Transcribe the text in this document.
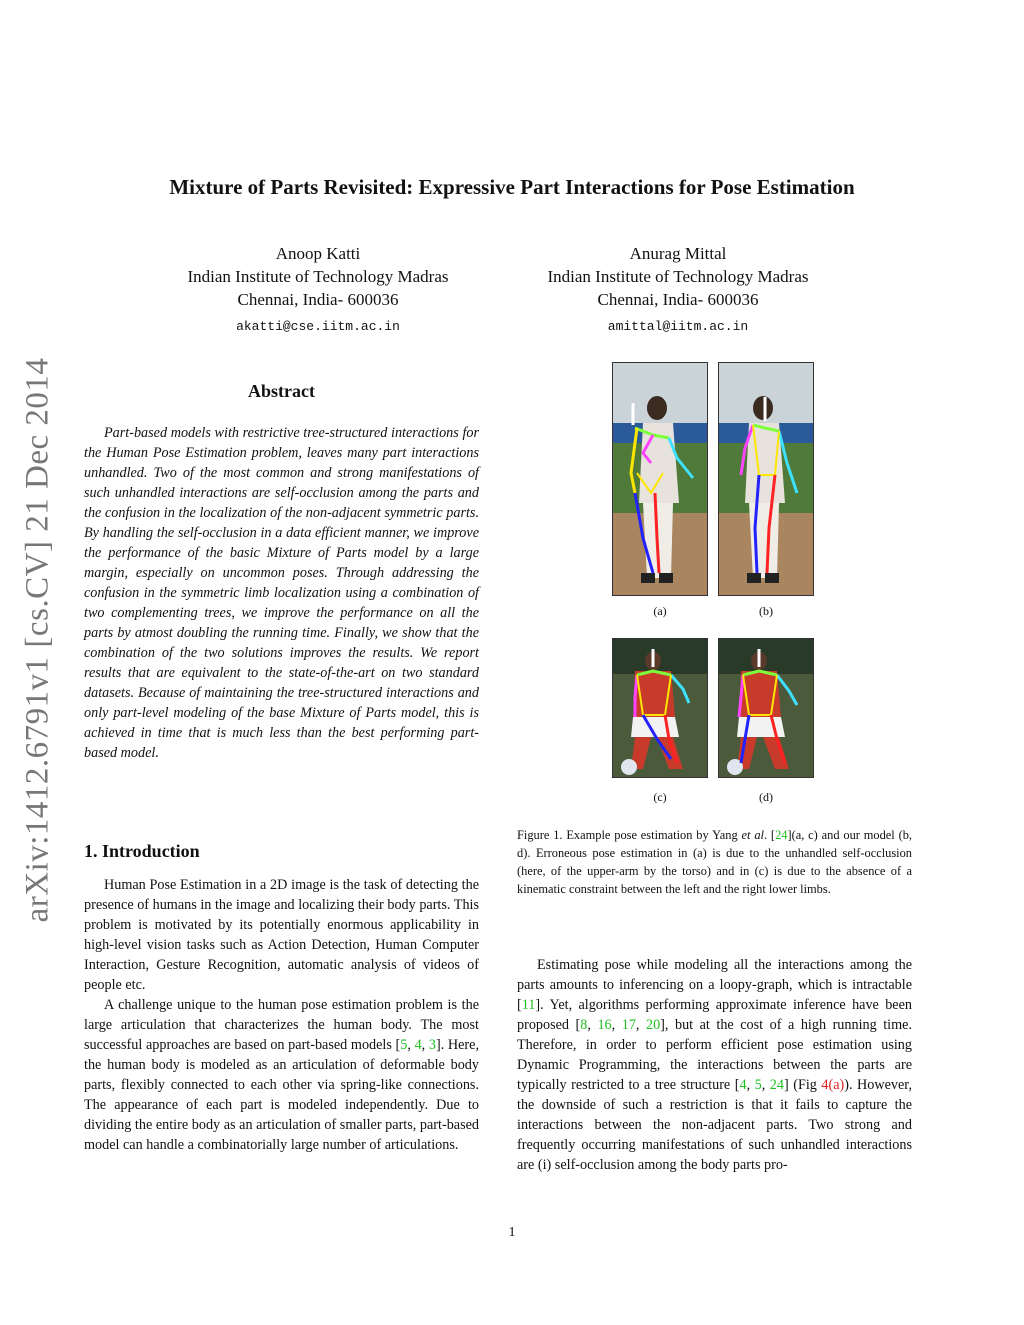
arXiv:1412.6791v1 [cs.CV] 21 Dec 2014
Mixture of Parts Revisited: Expressive Part Interactions for Pose Estimation
Anoop Katti
Indian Institute of Technology Madras
Chennai, India- 600036
akatti@cse.iitm.ac.in
Anurag Mittal
Indian Institute of Technology Madras
Chennai, India- 600036
amittal@iitm.ac.in
Abstract

Part-based models with restrictive tree-structured interactions for the Human Pose Estimation problem, leaves many part interactions unhandled. Two of the most common and strong manifestations of such unhandled interactions are self-occlusion among the parts and the confusion in the localization of the non-adjacent symmetric parts. By handling the self-occlusion in a data efficient manner, we improve the performance of the basic Mixture of Parts model by a large margin, especially on uncommon poses. Through addressing the confusion in the symmetric limb localization using a combination of two complementing trees, we improve the performance on all the parts by atmost doubling the running time. Finally, we show that the combination of the two solutions improves the results. We report results that are equivalent to the state-of-the-art on two standard datasets. Because of maintaining the tree-structured interactions and only part-level modeling of the base Mixture of Parts model, this is achieved in time that is much less than the best performing part-based model.

1. Introduction

Human Pose Estimation in a 2D image is the task of detecting the presence of humans in the image and localizing their body parts. This problem is motivated by its potentially enormous applicability in high-level vision tasks such as Action Detection, Human Computer Interaction, Gesture Recognition, automatic analysis of videos of people etc.

A challenge unique to the human pose estimation problem is the large articulation that characterizes the human body. The most successful approaches are based on part-based models [5, 4, 3]. Here, the human body is modeled as an articulation of deformable body parts, flexibly connected to each other via spring-like connections. The appearance of each part is modeled independently. Due to dividing the entire body as an articulation of smaller parts, part-based model can handle a combinatorially large number of articulations.

(a)	(b)
(c)	(d)
Figure 1. Example pose estimation by Yang et al. [24](a, c) and our model (b, d). Erroneous pose estimation in (a) is due to the unhandled self-occlusion (here, of the upper-arm by the torso) and in (c) is due to the absence of a kinematic constraint between the left and the right lower limbs.

Estimating pose while modeling all the interactions among the parts amounts to inferencing on a loopy-graph, which is intractable [11]. Yet, algorithms performing approximate inference have been proposed [8, 16, 17, 20], but at the cost of a high running time. Therefore, in order to perform efficient pose estimation using Dynamic Programming, the interactions between the parts are typically restricted to a tree structure [4, 5, 24] (Fig 4(a)). However, the downside of such a restriction is that it fails to capture the interactions between the non-adjacent parts. Two strong and frequently occurring manifestations of such unhandled interactions are (i) self-occlusion among the body parts pro-

1
